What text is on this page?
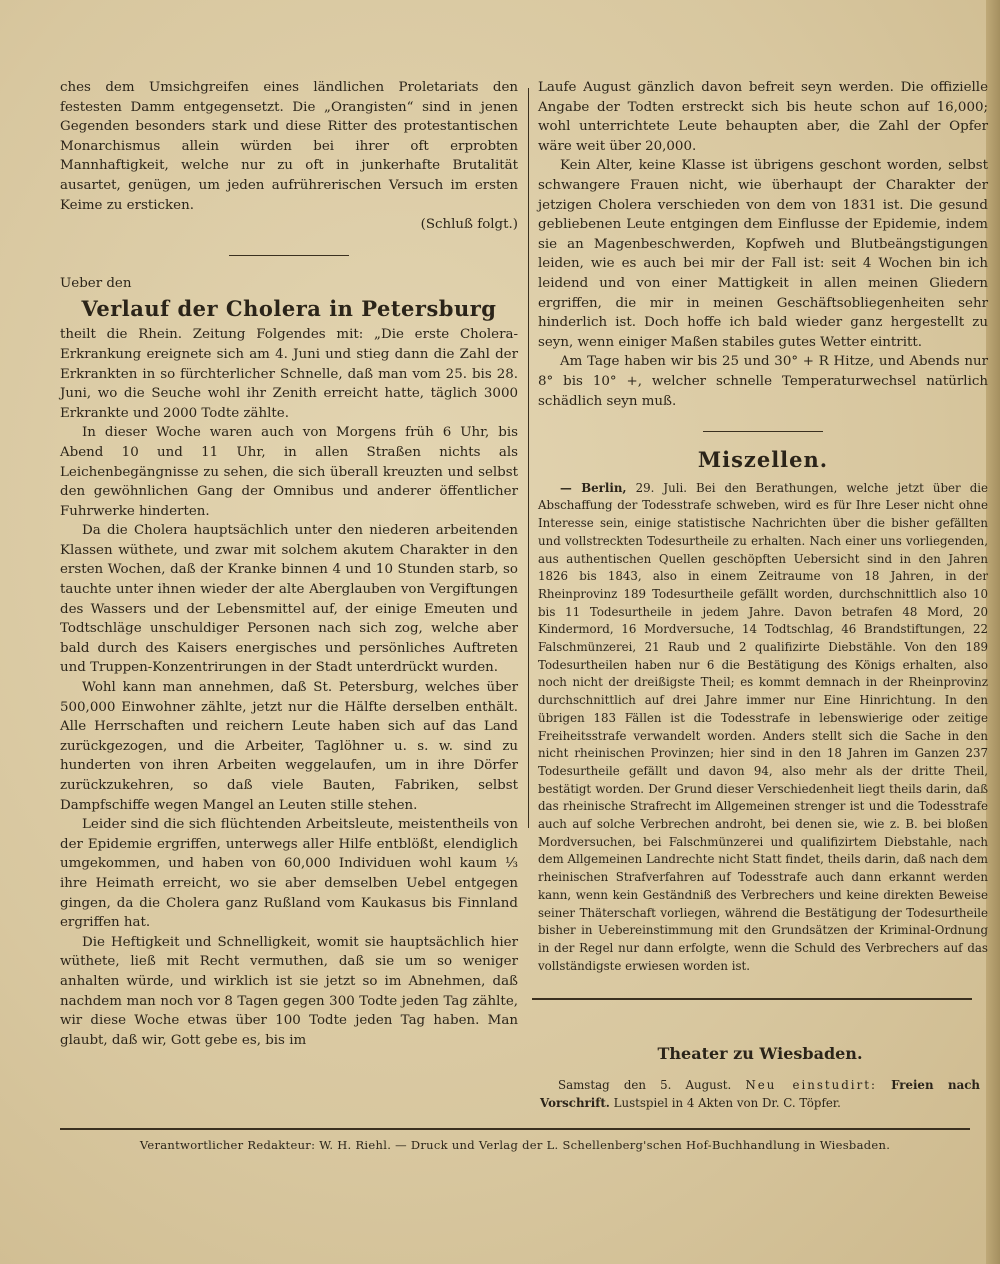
ches dem Umsichgreifen eines ländlichen Proletariats den festesten Damm entgegensetzt. Die „Orangisten“ sind in jenen Gegenden besonders stark und diese Ritter des protestantischen Monarchismus allein würden bei ihrer oft erprobten Mannhaftigkeit, welche nur zu oft in junkerhafte Brutalität ausartet, genügen, um jeden aufrührerischen Versuch im ersten Keime zu ersticken.

(Schluß folgt.)

Ueber den

Verlauf der Cholera in Petersburg

theilt die Rhein. Zeitung Folgendes mit: „Die erste Cholera-Erkrankung ereignete sich am 4. Juni und stieg dann die Zahl der Erkrankten in so fürchterlicher Schnelle, daß man vom 25. bis 28. Juni, wo die Seuche wohl ihr Zenith erreicht hatte, täglich 3000 Erkrankte und 2000 Todte zählte.

In dieser Woche waren auch von Morgens früh 6 Uhr, bis Abend 10 und 11 Uhr, in allen Straßen nichts als Leichenbegängnisse zu sehen, die sich überall kreuzten und selbst den gewöhnlichen Gang der Omnibus und anderer öffentlicher Fuhrwerke hinderten.

Da die Cholera hauptsächlich unter den niederen arbeitenden Klassen wüthete, und zwar mit solchem akutem Charakter in den ersten Wochen, daß der Kranke binnen 4 und 10 Stunden starb, so tauchte unter ihnen wieder der alte Aberglauben von Vergiftungen des Wassers und der Lebensmittel auf, der einige Emeuten und Todtschläge unschuldiger Personen nach sich zog, welche aber bald durch des Kaisers energisches und persönliches Auftreten und Truppen-Konzentrirungen in der Stadt unterdrückt wurden.

Wohl kann man annehmen, daß St. Petersburg, welches über 500,000 Einwohner zählte, jetzt nur die Hälfte derselben enthält. Alle Herrschaften und reichern Leute haben sich auf das Land zurückgezogen, und die Arbeiter, Taglöhner u. s. w. sind zu hunderten von ihren Arbeiten weggelaufen, um in ihre Dörfer zurückzukehren, so daß viele Bauten, Fabriken, selbst Dampfschiffe wegen Mangel an Leuten stille stehen.

Leider sind die sich flüchtenden Arbeitsleute, meistentheils von der Epidemie ergriffen, unterwegs aller Hilfe entblößt, elendiglich umgekommen, und haben von 60,000 Individuen wohl kaum ⅓ ihre Heimath erreicht, wo sie aber demselben Uebel entgegen gingen, da die Cholera ganz Rußland vom Kaukasus bis Finnland ergriffen hat.

Die Heftigkeit und Schnelligkeit, womit sie hauptsächlich hier wüthete, ließ mit Recht vermuthen, daß sie um so weniger anhalten würde, und wirklich ist sie jetzt so im Abnehmen, daß nachdem man noch vor 8 Tagen gegen 300 Todte jeden Tag zählte, wir diese Woche etwas über 100 Todte jeden Tag haben. Man glaubt, daß wir, Gott gebe es, bis im

Laufe August gänzlich davon befreit seyn werden. Die offizielle Angabe der Todten erstreckt sich bis heute schon auf 16,000; wohl unterrichtete Leute behaupten aber, die Zahl der Opfer wäre weit über 20,000.

Kein Alter, keine Klasse ist übrigens geschont worden, selbst schwangere Frauen nicht, wie überhaupt der Charakter der jetzigen Cholera verschieden von dem von 1831 ist. Die gesund gebliebenen Leute entgingen dem Einflusse der Epidemie, indem sie an Magenbeschwerden, Kopfweh und Blutbeängstigungen leiden, wie es auch bei mir der Fall ist: seit 4 Wochen bin ich leidend und von einer Mattigkeit in allen meinen Gliedern ergriffen, die mir in meinen Geschäftsobliegenheiten sehr hinderlich ist. Doch hoffe ich bald wieder ganz hergestellt zu seyn, wenn einiger Maßen stabiles gutes Wetter eintritt.

Am Tage haben wir bis 25 und 30° + R Hitze, und Abends nur 8° bis 10° +, welcher schnelle Temperaturwechsel natürlich schädlich seyn muß.

Miszellen.

— Berlin, 29. Juli. Bei den Berathungen, welche jetzt über die Abschaffung der Todesstrafe schweben, wird es für Ihre Leser nicht ohne Interesse sein, einige statistische Nachrichten über die bisher gefällten und vollstreckten Todesurtheile zu erhalten. Nach einer uns vorliegenden, aus authentischen Quellen geschöpften Uebersicht sind in den Jahren 1826 bis 1843, also in einem Zeitraume von 18 Jahren, in der Rheinprovinz 189 Todesurtheile gefällt worden, durchschnittlich also 10 bis 11 Todesurtheile in jedem Jahre. Davon betrafen 48 Mord, 20 Kindermord, 16 Mordversuche, 14 Todtschlag, 46 Brandstiftungen, 22 Falschmünzerei, 21 Raub und 2 qualifizirte Diebstähle. Von den 189 Todesurtheilen haben nur 6 die Bestätigung des Königs erhalten, also noch nicht der dreißigste Theil; es kommt demnach in der Rheinprovinz durchschnittlich auf drei Jahre immer nur Eine Hinrichtung. In den übrigen 183 Fällen ist die Todesstrafe in lebenswierige oder zeitige Freiheitsstrafe verwandelt worden. Anders stellt sich die Sache in den nicht rheinischen Provinzen; hier sind in den 18 Jahren im Ganzen 237 Todesurtheile gefällt und davon 94, also mehr als der dritte Theil, bestätigt worden. Der Grund dieser Verschiedenheit liegt theils darin, daß das rheinische Strafrecht im Allgemeinen strenger ist und die Todesstrafe auch auf solche Verbrechen androht, bei denen sie, wie z. B. bei bloßen Mordversuchen, bei Falschmünzerei und qualifizirtem Diebstahle, nach dem Allgemeinen Landrechte nicht Statt findet, theils darin, daß nach dem rheinischen Strafverfahren auf Todesstrafe auch dann erkannt werden kann, wenn kein Geständniß des Verbrechers und keine direkten Beweise seiner Thäterschaft vorliegen, während die Bestätigung der Todesurtheile bisher in Uebereinstimmung mit den Grundsätzen der Kriminal-Ordnung in der Regel nur dann erfolgte, wenn die Schuld des Verbrechers auf das vollständigste erwiesen worden ist.

Theater zu Wiesbaden.
Samstag den 5. August. Neu einstudirt: Freien nach Vorschrift. Lustspiel in 4 Akten von Dr. C. Töpfer.
Verantwortlicher Redakteur: W. H. Riehl. — Druck und Verlag der L. Schellenberg'schen Hof-Buchhandlung in Wiesbaden.
